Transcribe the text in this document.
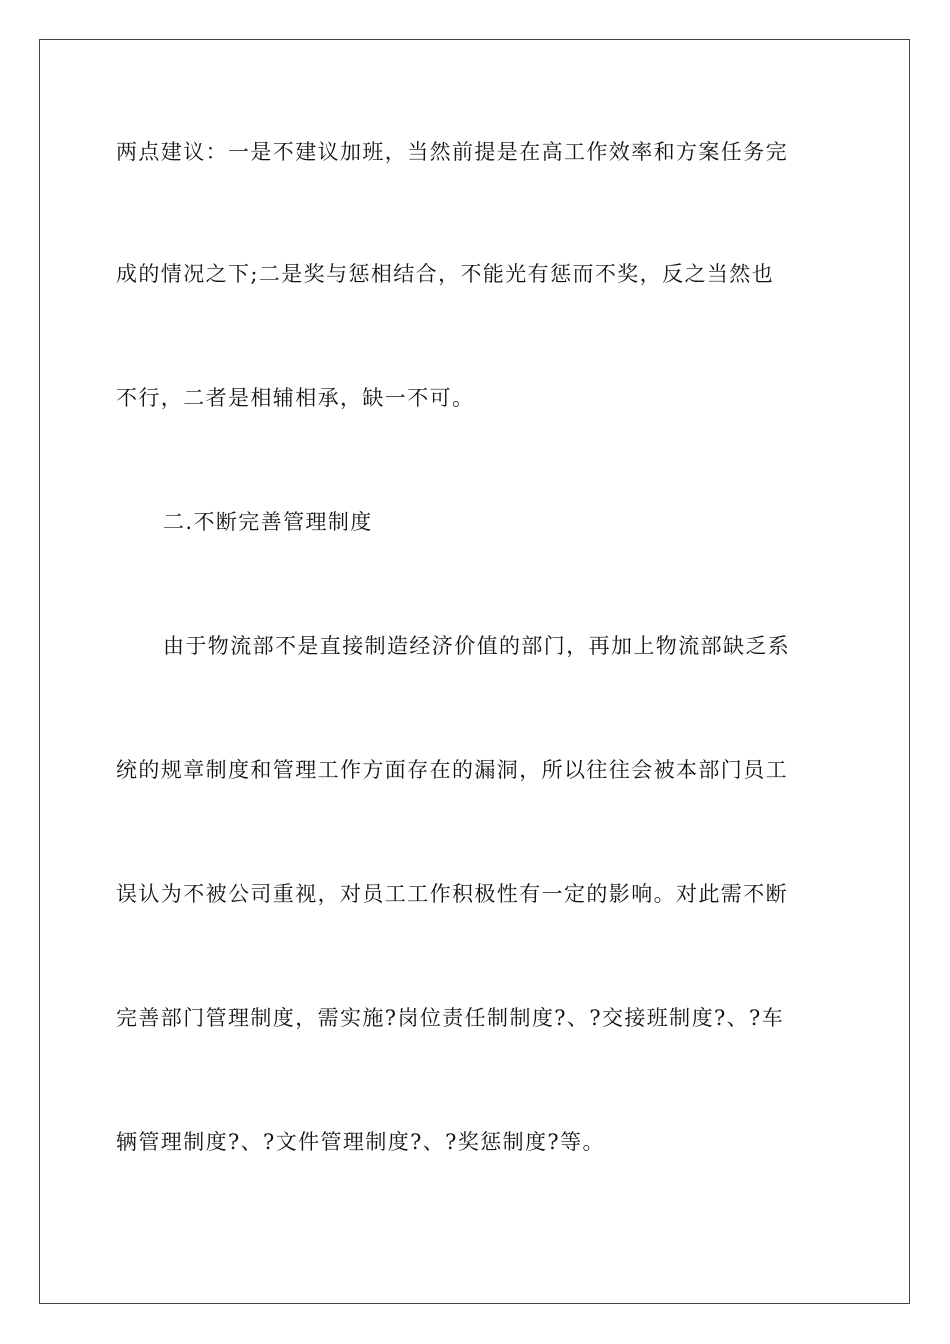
两点建议：一是不建议加班，当然前提是在高工作效率和方案任务完
成的情况之下;二是奖与惩相结合，不能光有惩而不奖，反之当然也
不行，二者是相辅相承，缺一不可。
二.不断完善管理制度
由于物流部不是直接制造经济价值的部门，再加上物流部缺乏系
统的规章制度和管理工作方面存在的漏洞，所以往往会被本部门员工
误认为不被公司重视，对员工工作积极性有一定的影响。对此需不断
完善部门管理制度，需实施?岗位责任制制度?、?交接班制度?、?车
辆管理制度?、?文件管理制度?、?奖惩制度?等。
